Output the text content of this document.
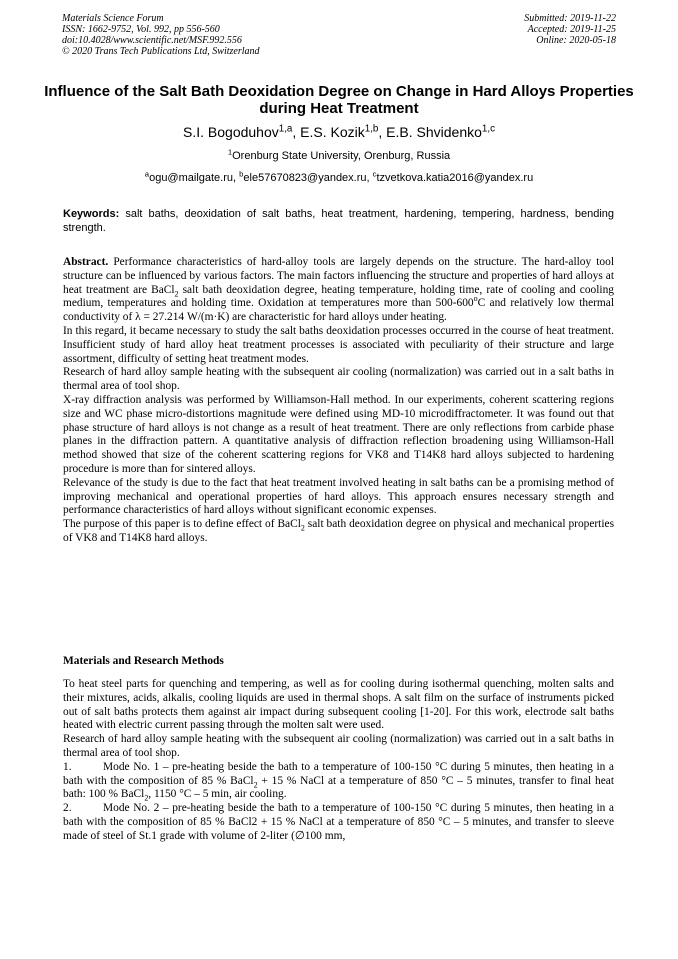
Materials Science Forum
ISSN: 1662-9752, Vol. 992, pp 556-560
doi:10.4028/www.scientific.net/MSF.992.556
© 2020 Trans Tech Publications Ltd, Switzerland
Submitted: 2019-11-22
Accepted: 2019-11-25
Online: 2020-05-18
Influence of the Salt Bath Deoxidation Degree on Change in Hard Alloys Properties during Heat Treatment
S.I. Bogoduhov$^{1,a}$, E.S. Kozik$^{1,b}$, E.B. Shvidenko$^{1,c}$
$^1$Orenburg State University, Orenburg, Russia
$^a$ogu@mailgate.ru, $^b$ele57670823@yandex.ru, $^c$tzvetkova.katia2016@yandex.ru
Keywords: salt baths, deoxidation of salt baths, heat treatment, hardening, tempering, hardness, bending strength.

Abstract. Performance characteristics of hard-alloy tools are largely depends on the structure. The hard-alloy tool structure can be influenced by various factors. The main factors influencing the structure and properties of hard alloys at heat treatment are BaCl$_2$ salt bath deoxidation degree, heating temperature, holding time, rate of cooling and cooling medium, temperatures and holding time. Oxidation at temperatures more than 500-600$^o$C and relatively low thermal conductivity of λ = 27.214 W/(m·K) are characteristic for hard alloys under heating.

In this regard, it became necessary to study the salt baths deoxidation processes occurred in the course of heat treatment. Insufficient study of hard alloy heat treatment processes is associated with peculiarity of their structure and large assortment, difficulty of setting heat treatment modes.

Research of hard alloy sample heating with the subsequent air cooling (normalization) was carried out in a salt baths in thermal area of tool shop.

X-ray diffraction analysis was performed by Williamson-Hall method. In our experiments, coherent scattering regions size and WC phase micro-distortions magnitude were defined using MD-10 microdiffractometer. It was found out that phase structure of hard alloys is not change as a result of heat treatment. There are only reflections from carbide phase planes in the diffraction pattern. A quantitative analysis of diffraction reflection broadening using Williamson-Hall method showed that size of the coherent scattering regions for VK8 and T14K8 hard alloys subjected to hardening procedure is more than for sintered alloys.

Relevance of the study is due to the fact that heat treatment involved heating in salt baths can be a promising method of improving mechanical and operational properties of hard alloys. This approach ensures necessary strength and performance characteristics of hard alloys without significant economic expenses.

The purpose of this paper is to define effect of BaCl$_2$ salt bath deoxidation degree on physical and mechanical properties of VK8 and T14K8 hard alloys.

Materials and Research Methods

To heat steel parts for quenching and tempering, as well as for cooling during isothermal quenching, molten salts and their mixtures, acids, alkalis, cooling liquids are used in thermal shops. A salt film on the surface of instruments picked out of salt baths protects them against air impact during subsequent cooling [1-20]. For this work, electrode salt baths heated with electric current passing through the molten salt were used.

Research of hard alloy sample heating with the subsequent air cooling (normalization) was carried out in a salt baths in thermal area of tool shop.

1.	Mode No. 1 – pre-heating beside the bath to a temperature of 100-150 °C during 5 minutes, then heating in a bath with the composition of 85 % BaCl$_2$ + 15 % NaCl at a temperature of 850 °C – 5 minutes, transfer to final heat bath: 100 % BaCl$_2$, 1150 °C – 5 min, air cooling.

2.	Mode No. 2 – pre-heating beside the bath to a temperature of 100-150 °C during 5 minutes, then heating in a bath with the composition of 85 % BaCl2 + 15 % NaCl at a temperature of 850 °C – 5 minutes, and transfer to sleeve made of steel of St.1 grade with volume of 2-liter (∅100 mm,
